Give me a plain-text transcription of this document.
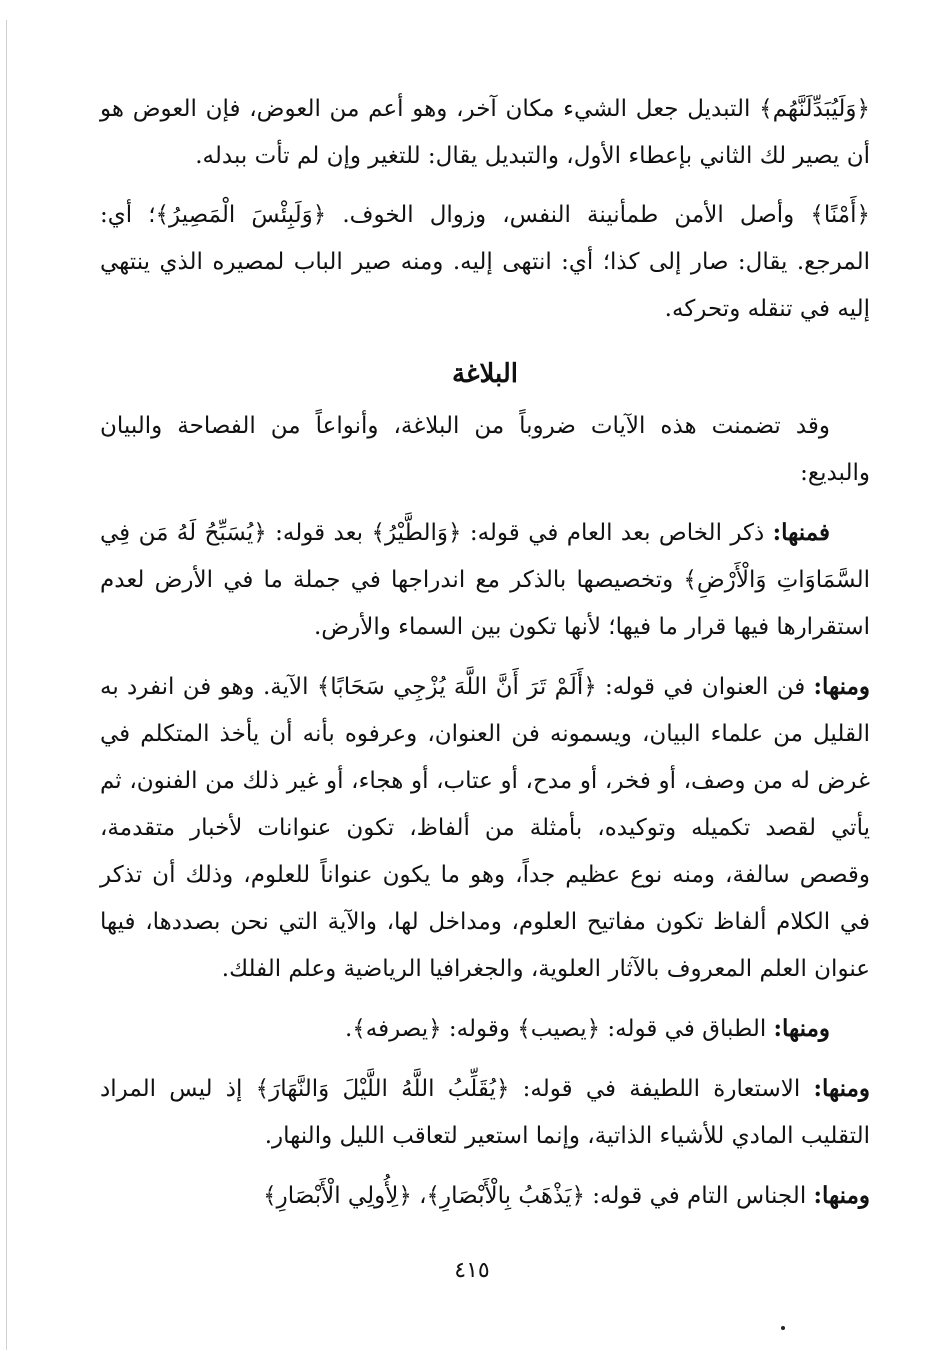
﴿وَلَيُبَدِّلَنَّهُم﴾ التبديل جعل الشيء مكان آخر، وهو أعم من العوض، فإن العوض هو أن يصير لك الثاني بإعطاء الأول، والتبديل يقال: للتغير وإن لم تأت ببدله.

﴿أَمْنًا﴾ وأصل الأمن طمأنينة النفس، وزوال الخوف. ﴿وَلَبِئْسَ الْمَصِيرُ﴾؛ أي: المرجع. يقال: صار إلى كذا؛ أي: انتهى إليه. ومنه صير الباب لمصيره الذي ينتهي إليه في تنقله وتحركه.

البلاغة

وقد تضمنت هذه الآيات ضروباً من البلاغة، وأنواعاً من الفصاحة والبيان والبديع:

فمنها: ذكر الخاص بعد العام في قوله: ﴿وَالطَّيْرُ﴾ بعد قوله: ﴿يُسَبِّحُ لَهُ مَن فِي السَّمَاوَاتِ وَالْأَرْضِ﴾ وتخصيصها بالذكر مع اندراجها في جملة ما في الأرض لعدم استقرارها فيها قرار ما فيها؛ لأنها تكون بين السماء والأرض.

ومنها: فن العنوان في قوله: ﴿أَلَمْ تَرَ أَنَّ اللَّهَ يُزْجِي سَحَابًا﴾ الآية. وهو فن انفرد به القليل من علماء البيان، ويسمونه فن العنوان، وعرفوه بأنه أن يأخذ المتكلم في غرض له من وصف، أو فخر، أو مدح، أو عتاب، أو هجاء، أو غير ذلك من الفنون، ثم يأتي لقصد تكميله وتوكيده، بأمثلة من ألفاظ، تكون عنوانات لأخبار متقدمة، وقصص سالفة، ومنه نوع عظيم جداً، وهو ما يكون عنواناً للعلوم، وذلك أن تذكر في الكلام ألفاظ تكون مفاتيح العلوم، ومداخل لها، والآية التي نحن بصددها، فيها عنوان العلم المعروف بالآثار العلوية، والجغرافيا الرياضية وعلم الفلك.

ومنها: الطباق في قوله: ﴿يصيب﴾ وقوله: ﴿يصرفه﴾.

ومنها: الاستعارة اللطيفة في قوله: ﴿يُقَلِّبُ اللَّهُ اللَّيْلَ وَالنَّهَارَ﴾ إذ ليس المراد التقليب المادي للأشياء الذاتية، وإنما استعير لتعاقب الليل والنهار.

ومنها: الجناس التام في قوله: ﴿يَذْهَبُ بِالْأَبْصَارِ﴾، ﴿لِأُولِي الْأَبْصَارِ﴾

٤١٥
